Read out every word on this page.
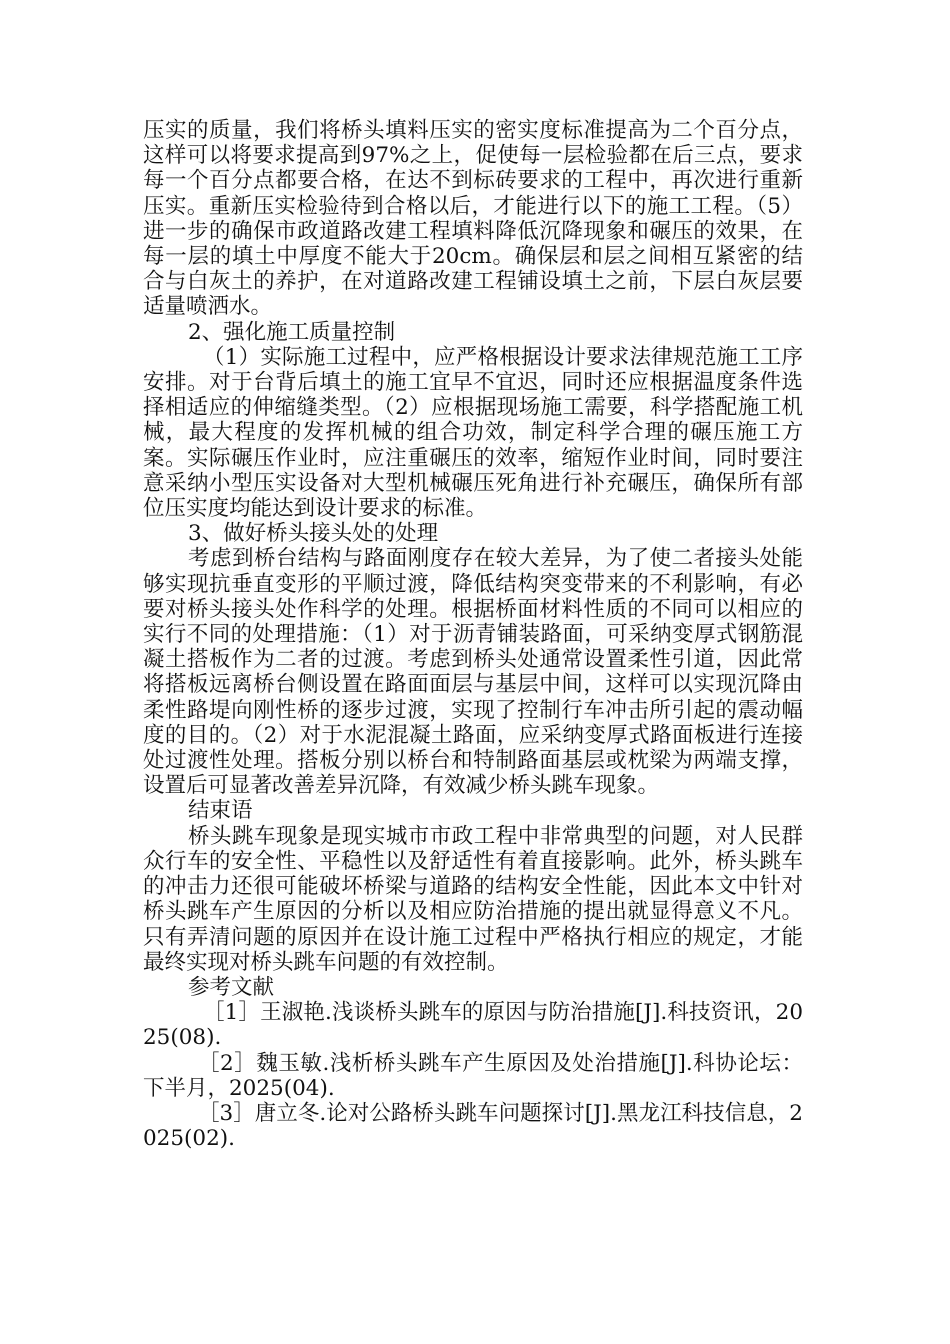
压实的质量，我们将桥头填料压实的密实度标准提高为二个百分点，这样可以将要求提高到97%之上，促使每一层检验都在后三点，要求每一个百分点都要合格，在达不到标砖要求的工程中，再次进行重新压实。重新压实检验待到合格以后，才能进行以下的施工工程。（5）进一步的确保市政道路改建工程填料降低沉降现象和碾压的效果，在每一层的填土中厚度不能大于20cm。确保层和层之间相互紧密的结合与白灰土的养护，在对道路改建工程铺设填土之前，下层白灰层要适量喷洒水。

2、强化施工质量控制

（1）实际施工过程中，应严格根据设计要求法律规范施工工序安排。对于台背后填土的施工宜早不宜迟，同时还应根据温度条件选择相适应的伸缩缝类型。（2）应根据现场施工需要，科学搭配施工机械，最大程度的发挥机械的组合功效，制定科学合理的碾压施工方案。实际碾压作业时，应注重碾压的效率，缩短作业时间，同时要注意采纳小型压实设备对大型机械碾压死角进行补充碾压，确保所有部位压实度均能达到设计要求的标准。

3、做好桥头接头处的处理

考虑到桥台结构与路面刚度存在较大差异，为了使二者接头处能够实现抗垂直变形的平顺过渡，降低结构突变带来的不利影响，有必要对桥头接头处作科学的处理。根据桥面材料性质的不同可以相应的实行不同的处理措施：（1）对于沥青铺装路面，可采纳变厚式钢筋混凝土搭板作为二者的过渡。考虑到桥头处通常设置柔性引道，因此常将搭板远离桥台侧设置在路面面层与基层中间，这样可以实现沉降由柔性路堤向刚性桥的逐步过渡，实现了控制行车冲击所引起的震动幅度的目的。（2）对于水泥混凝土路面，应采纳变厚式路面板进行连接处过渡性处理。搭板分别以桥台和特制路面基层或枕梁为两端支撑，设置后可显著改善差异沉降，有效减少桥头跳车现象。

结束语

桥头跳车现象是现实城市市政工程中非常典型的问题，对人民群众行车的安全性、平稳性以及舒适性有着直接影响。此外，桥头跳车的冲击力还很可能破坏桥梁与道路的结构安全性能，因此本文中针对桥头跳车产生原因的分析以及相应防治措施的提出就显得意义不凡。只有弄清问题的原因并在设计施工过程中严格执行相应的规定，才能最终实现对桥头跳车问题的有效控制。

参考文献

［1］王淑艳.浅谈桥头跳车的原因与防治措施[J].科技资讯，2025(08).

［2］魏玉敏.浅析桥头跳车产生原因及处治措施[J].科协论坛：下半月，2025(04).

［3］唐立冬.论对公路桥头跳车问题探讨[J].黑龙江科技信息，2025(02).
